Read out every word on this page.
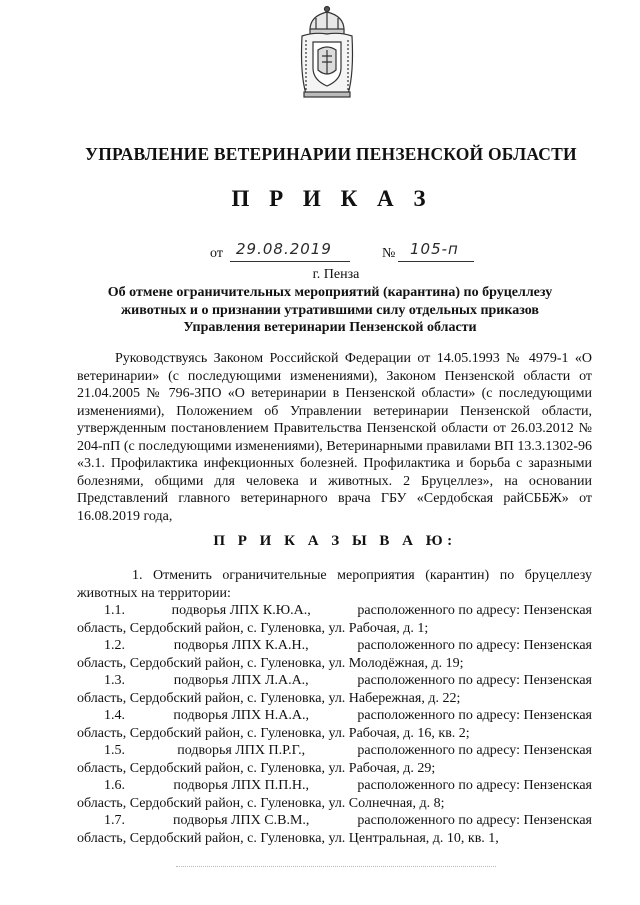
УПРАВЛЕНИЕ ВЕТЕРИНАРИИ ПЕНЗЕНСКОЙ ОБЛАСТИ
П Р И К А З
от 29.08.2019	№ 105-п
г. Пенза
Об отмене ограничительных мероприятий (карантина) по бруцеллезу
животных и о признании утратившими силу отдельных приказов
Управления ветеринарии Пензенской области

Руководствуясь Законом Российской Федерации от 14.05.1993 № 4979-1 «О ветеринарии» (с последующими изменениями), Законом Пензенской области от 21.04.2005 № 796-ЗПО «О ветеринарии в Пензенской области» (с последующими изменениями), Положением об Управлении ветеринарии Пензенской области, утвержденным постановлением Правительства Пензенской области от 26.03.2012 № 204-пП (с последующими изменениями), Ветеринарными правилами ВП 13.3.1302-96 «3.1. Профилактика инфекционных болезней. Профилактика и борьба с заразными болезнями, общими для человека и животных. 2 Бруцеллез», на основании Представлений главного ветеринарного врача ГБУ «Сердобская райСББЖ» от 16.08.2019 года,

П Р И К А З Ы В А Ю:

1. Отменить ограничительные мероприятия (карантин) по бруцеллезу животных на территории:

1.1.	подворья ЛПХ К.Ю.А.,	расположенного по адресу: Пензенская
область, Сердобский район, с. Гуленовка, ул. Рабочая, д. 1;
1.2.	подворья ЛПХ К.А.Н.,	расположенного по адресу: Пензенская
область, Сердобский район, с. Гуленовка, ул. Молодёжная, д. 19;
1.3.	подворья ЛПХ Л.А.А.,	расположенного по адресу: Пензенская
область, Сердобский район, с. Гуленовка, ул. Набережная, д. 22;
1.4.	подворья ЛПХ Н.А.А.,	расположенного по адресу: Пензенская
область, Сердобский район, с. Гуленовка, ул. Рабочая, д. 16, кв. 2;
1.5.	подворья ЛПХ П.Р.Г.,	расположенного по адресу: Пензенская
область, Сердобский район, с. Гуленовка, ул. Рабочая, д. 29;
1.6.	подворья ЛПХ П.П.Н.,	расположенного по адресу: Пензенская
область, Сердобский район, с. Гуленовка, ул. Солнечная, д. 8;
1.7.	подворья ЛПХ С.В.М.,	расположенного по адресу: Пензенская
область, Сердобский район, с. Гуленовка, ул. Центральная, д. 10, кв. 1,
